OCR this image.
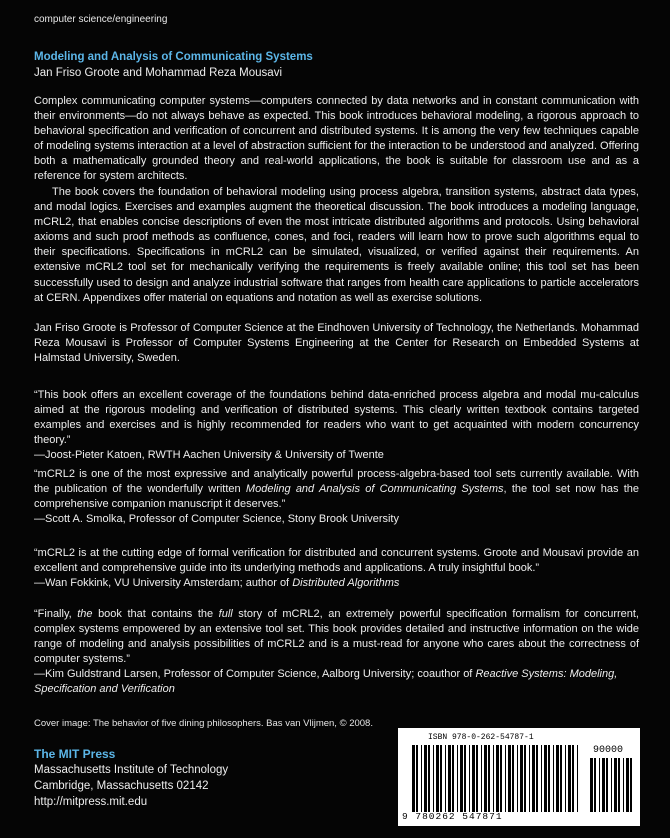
computer science/engineering
Modeling and Analysis of Communicating Systems
Jan Friso Groote and Mohammad Reza Mousavi
Complex communicating computer systems—computers connected by data networks and in constant communication with their environments—do not always behave as expected. This book introduces behavioral modeling, a rigorous approach to behavioral specification and verification of concurrent and distributed systems. It is among the very few techniques capable of modeling systems interaction at a level of abstraction sufficient for the interaction to be understood and analyzed. Offering both a mathematically grounded theory and real-world applications, the book is suitable for classroom use and as a reference for system architects.
The book covers the foundation of behavioral modeling using process algebra, transition systems, abstract data types, and modal logics. Exercises and examples augment the theoretical discussion. The book introduces a modeling language, mCRL2, that enables concise descriptions of even the most intricate distributed algorithms and protocols. Using behavioral axioms and such proof methods as confluence, cones, and foci, readers will learn how to prove such algorithms equal to their specifications. Specifications in mCRL2 can be simulated, visualized, or verified against their requirements. An extensive mCRL2 tool set for mechanically verifying the requirements is freely available online; this tool set has been successfully used to design and analyze industrial software that ranges from health care applications to particle accelerators at CERN. Appendixes offer material on equations and notation as well as exercise solutions.
Jan Friso Groote is Professor of Computer Science at the Eindhoven University of Technology, the Netherlands. Mohammad Reza Mousavi is Professor of Computer Systems Engineering at the Center for Research on Embedded Systems at Halmstad University, Sweden.
“This book offers an excellent coverage of the foundations behind data-enriched process algebra and modal mu-calculus aimed at the rigorous modeling and verification of distributed systems. This clearly written textbook contains targeted examples and exercises and is highly recommended for readers who want to get acquainted with modern concurrency theory.”
—Joost-Pieter Katoen, RWTH Aachen University & University of Twente
“mCRL2 is one of the most expressive and analytically powerful process-algebra-based tool sets currently available. With the publication of the wonderfully written Modeling and Analysis of Communicating Systems, the tool set now has the comprehensive companion manuscript it deserves.”
—Scott A. Smolka, Professor of Computer Science, Stony Brook University
“mCRL2 is at the cutting edge of formal verification for distributed and concurrent systems. Groote and Mousavi provide an excellent and comprehensive guide into its underlying methods and applications. A truly insightful book.”
—Wan Fokkink, VU University Amsterdam; author of Distributed Algorithms
“Finally, the book that contains the full story of mCRL2, an extremely powerful specification formalism for concurrent, complex systems empowered by an extensive tool set. This book provides detailed and instructive information on the wide range of modeling and analysis possibilities of mCRL2 and is a must-read for anyone who cares about the correctness of computer systems.”
—Kim Guldstrand Larsen, Professor of Computer Science, Aalborg University; coauthor of Reactive Systems: Modeling, Specification and Verification
Cover image: The behavior of five dining philosophers. Bas van Vlijmen, © 2008.
The MIT Press
Massachusetts Institute of Technology
Cambridge, Massachusetts 02142
http://mitpress.mit.edu
ISBN 978-0-262-54787-1
90000
9 780262 547871
